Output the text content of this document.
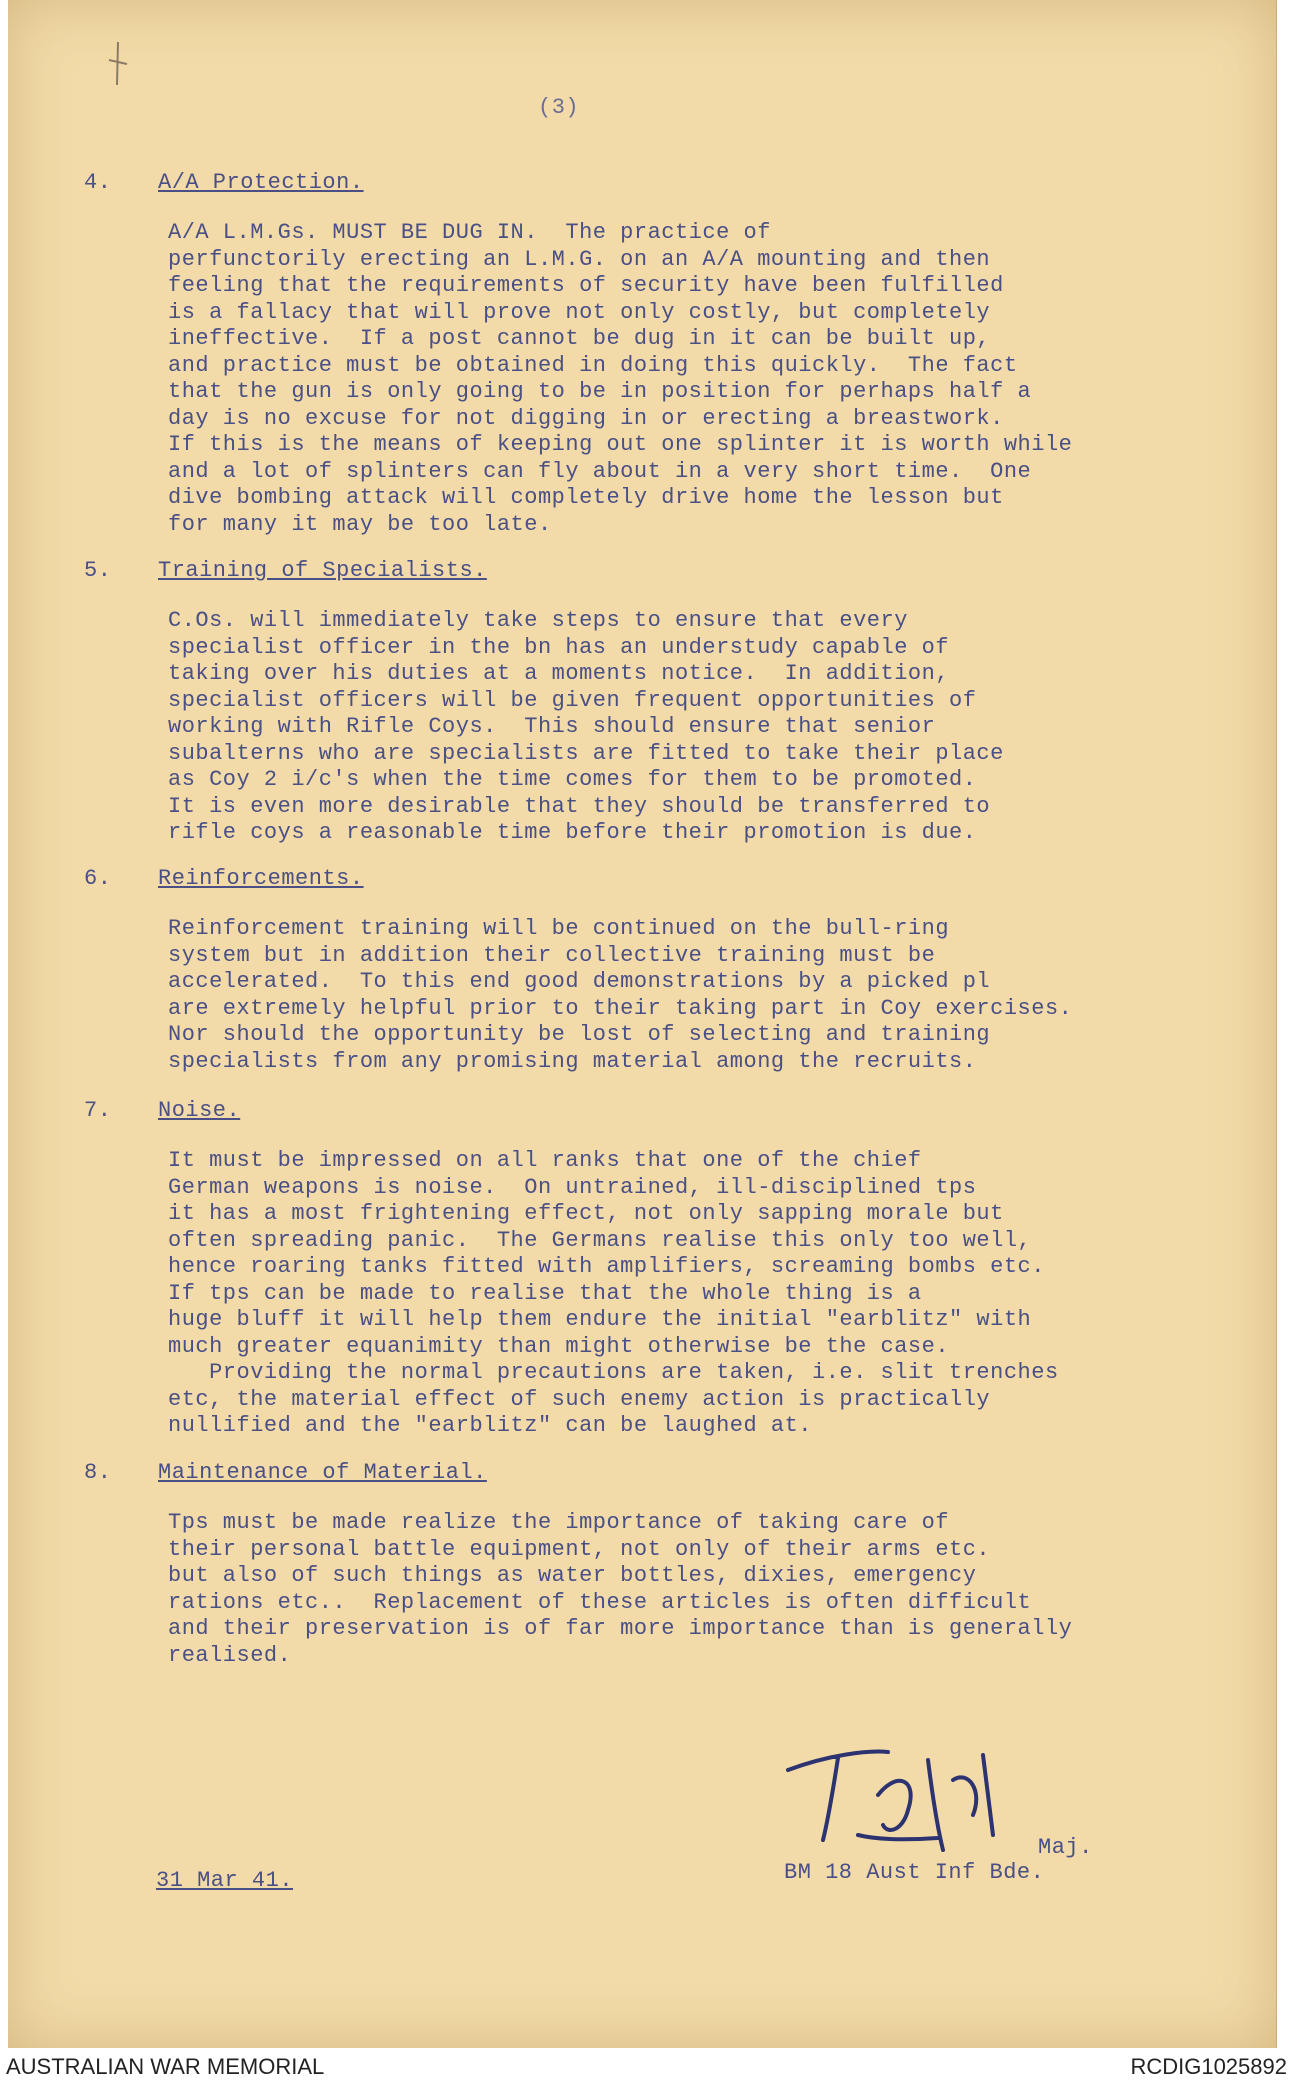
(3)
4. A/A Protection.

A/A L.M.Gs. MUST BE DUG IN.  The practice of
perfunctorily erecting an L.M.G. on an A/A mounting and then
feeling that the requirements of security have been fulfilled
is a fallacy that will prove not only costly, but completely
ineffective.  If a post cannot be dug in it can be built up,
and practice must be obtained in doing this quickly.  The fact
that the gun is only going to be in position for perhaps half a
day is no excuse for not digging in or erecting a breastwork.
If this is the means of keeping out one splinter it is worth while
and a lot of splinters can fly about in a very short time.  One
dive bombing attack will completely drive home the lesson but
for many it may be too late.

5. Training of Specialists.

C.Os. will immediately take steps to ensure that every
specialist officer in the bn has an understudy capable of
taking over his duties at a moments notice.  In addition,
specialist officers will be given frequent opportunities of
working with Rifle Coys.  This should ensure that senior
subalterns who are specialists are fitted to take their place
as Coy 2 i/c's when the time comes for them to be promoted.
It is even more desirable that they should be transferred to
rifle coys a reasonable time before their promotion is due.

6. Reinforcements.

Reinforcement training will be continued on the bull-ring
system but in addition their collective training must be
accelerated.  To this end good demonstrations by a picked pl
are extremely helpful prior to their taking part in Coy exercises.
Nor should the opportunity be lost of selecting and training
specialists from any promising material among the recruits.

7. Noise.

It must be impressed on all ranks that one of the chief
German weapons is noise.  On untrained, ill-disciplined tps
it has a most frightening effect, not only sapping morale but
often spreading panic.  The Germans realise this only too well,
hence roaring tanks fitted with amplifiers, screaming bombs etc.
If tps can be made to realise that the whole thing is a
huge bluff it will help them endure the initial "earblitz" with
much greater equanimity than might otherwise be the case.
Providing the normal precautions are taken, i.e. slit trenches
etc, the material effect of such enemy action is practically
nullified and the "earblitz" can be laughed at.

8. Maintenance of Material.

Tps must be made realize the importance of taking care of
their personal battle equipment, not only of their arms etc.
but also of such things as water bottles, dixies, emergency
rations etc..  Replacement of these articles is often difficult
and their preservation is of far more importance than is generally
realised.

31 Mar 41.
Maj.
BM 18 Aust Inf Bde.
AUSTRALIAN WAR MEMORIAL	RCDIG1025892
